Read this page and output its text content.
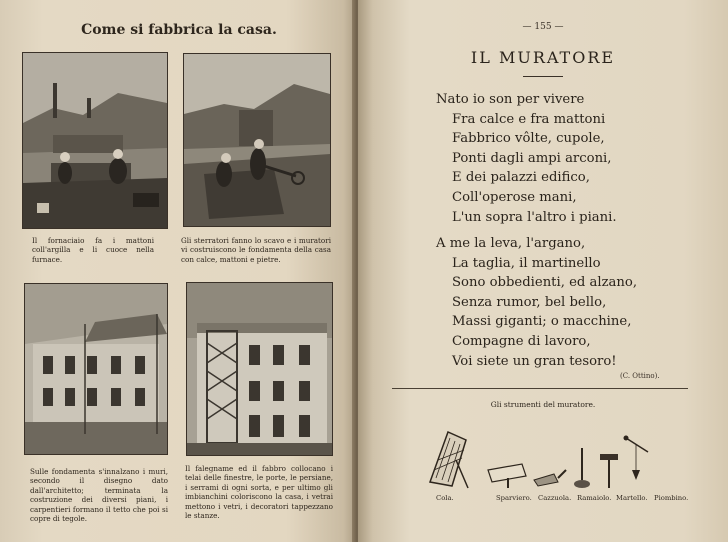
Come si fabbrica la casa.
Il fornaciaio fa i mattoni coll'argilla e li cuoce nella furnace.
Gli sterratori fanno lo scavo e i muratori vi costruiscono le fondamenta della casa con calce, mattoni e pietre.
Sulle fondamenta s'innalzano i muri, secondo il disegno dato dall'architetto; terminata la costruzione dei diversi piani, i carpentieri formano il tetto che poi si copre di tegole.
Il falegname ed il fabbro collocano i telai delle finestre, le porte, le persiane, i serrami di ogni sorta, e per ultimo gli imbianchini coloriscono la casa, i vetrai mettono i vetri, i decoratori tappezzano le stanze.
— 155 —
IL MURATORE
Nato io son per vivere
Fra calce e fra mattoni
Fabbrico vôlte, cupole,
Ponti dagli ampi arconi,
E dei palazzi edifico,
Coll'operose mani,
L'un sopra l'altro i piani.
A me la leva, l'argano,
La taglia, il martinello
Sono obbedienti, ed alzano,
Senza rumor, bel bello,
Massi giganti; o macchine,
Compagne di lavoro,
Voi siete un gran tesoro!
(C. Ottino).
Gli strumenti del muratore.
Cola.	Sparviero. Cazzuola. Ramaiolo. Martello. Piombino.
